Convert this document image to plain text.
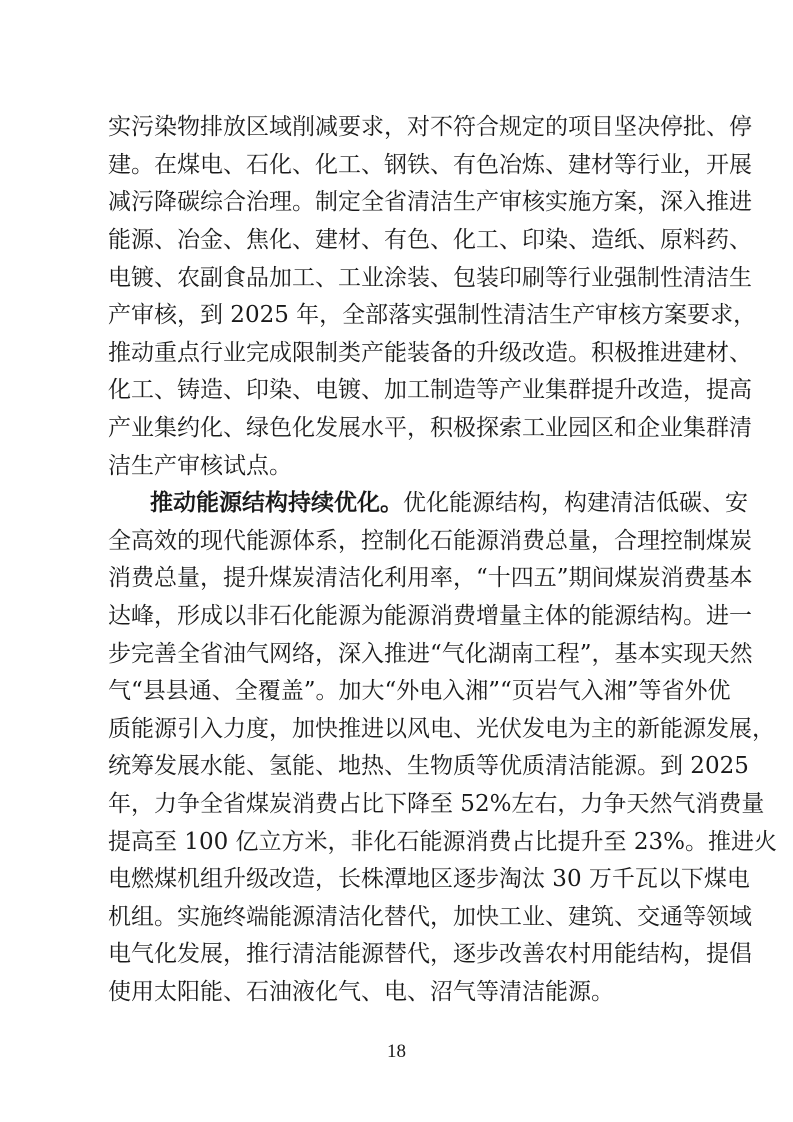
实污染物排放区域削减要求，对不符合规定的项目坚决停批、停
建。在煤电、石化、化工、钢铁、有色冶炼、建材等行业，开展
减污降碳综合治理。制定全省清洁生产审核实施方案，深入推进
能源、冶金、焦化、建材、有色、化工、印染、造纸、原料药、
电镀、农副食品加工、工业涂装、包装印刷等行业强制性清洁生
产审核，到 2025 年，全部落实强制性清洁生产审核方案要求，
推动重点行业完成限制类产能装备的升级改造。积极推进建材、
化工、铸造、印染、电镀、加工制造等产业集群提升改造，提高
产业集约化、绿色化发展水平，积极探索工业园区和企业集群清
洁生产审核试点。
推动能源结构持续优化。优化能源结构，构建清洁低碳、安
全高效的现代能源体系，控制化石能源消费总量，合理控制煤炭
消费总量，提升煤炭清洁化利用率，“十四五”期间煤炭消费基本
达峰，形成以非石化能源为能源消费增量主体的能源结构。进一
步完善全省油气网络，深入推进“气化湖南工程”，基本实现天然
气“县县通、全覆盖”。加大“外电入湘”“页岩气入湘”等省外优
质能源引入力度，加快推进以风电、光伏发电为主的新能源发展，
统筹发展水能、氢能、地热、生物质等优质清洁能源。到 2025
年，力争全省煤炭消费占比下降至 52%左右，力争天然气消费量
提高至 100 亿立方米，非化石能源消费占比提升至 23%。推进火
电燃煤机组升级改造，长株潭地区逐步淘汰 30 万千瓦以下煤电
机组。实施终端能源清洁化替代，加快工业、建筑、交通等领域
电气化发展，推行清洁能源替代，逐步改善农村用能结构，提倡
使用太阳能、石油液化气、电、沼气等清洁能源。
18
